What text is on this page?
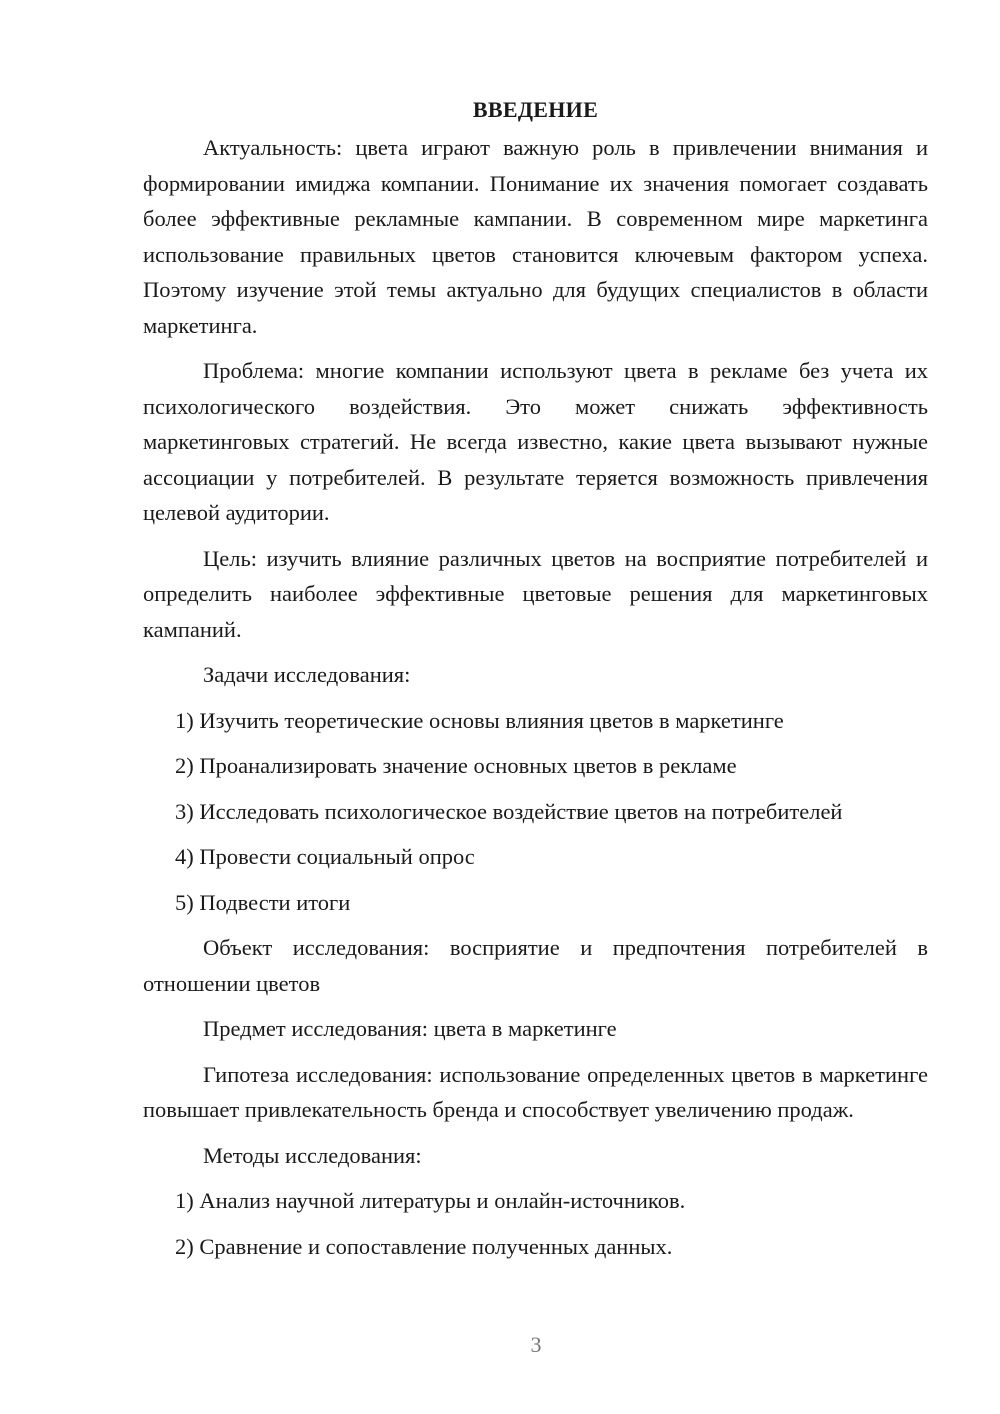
ВВЕДЕНИЕ

Актуальность: цвета играют важную роль в привлечении внимания и формировании имиджа компании. Понимание их значения помогает создавать более эффективные рекламные кампании. В современном мире маркетинга использование правильных цветов становится ключевым фактором успеха. Поэтому изучение этой темы актуально для будущих специалистов в области маркетинга.

Проблема: многие компании используют цвета в рекламе без учета их психологического воздействия. Это может снижать эффективность маркетинговых стратегий. Не всегда известно, какие цвета вызывают нужные ассоциации у потребителей. В результате теряется возможность привлечения целевой аудитории.

Цель: изучить влияние различных цветов на восприятие потребителей и определить наиболее эффективные цветовые решения для маркетинговых кампаний.

Задачи исследования:

1) Изучить теоретические основы влияния цветов в маркетинге

2) Проанализировать значение основных цветов в рекламе

3) Исследовать психологическое воздействие цветов на потребителей

4) Провести социальный опрос

5) Подвести итоги

Объект исследования: восприятие и предпочтения потребителей в отношении цветов

Предмет исследования: цвета в маркетинге

Гипотеза исследования: использование определенных цветов в маркетинге повышает привлекательность бренда и способствует увеличению продаж.

Методы исследования:

1) Анализ научной литературы и онлайн-источников.

2) Сравнение и сопоставление полученных данных.

3
